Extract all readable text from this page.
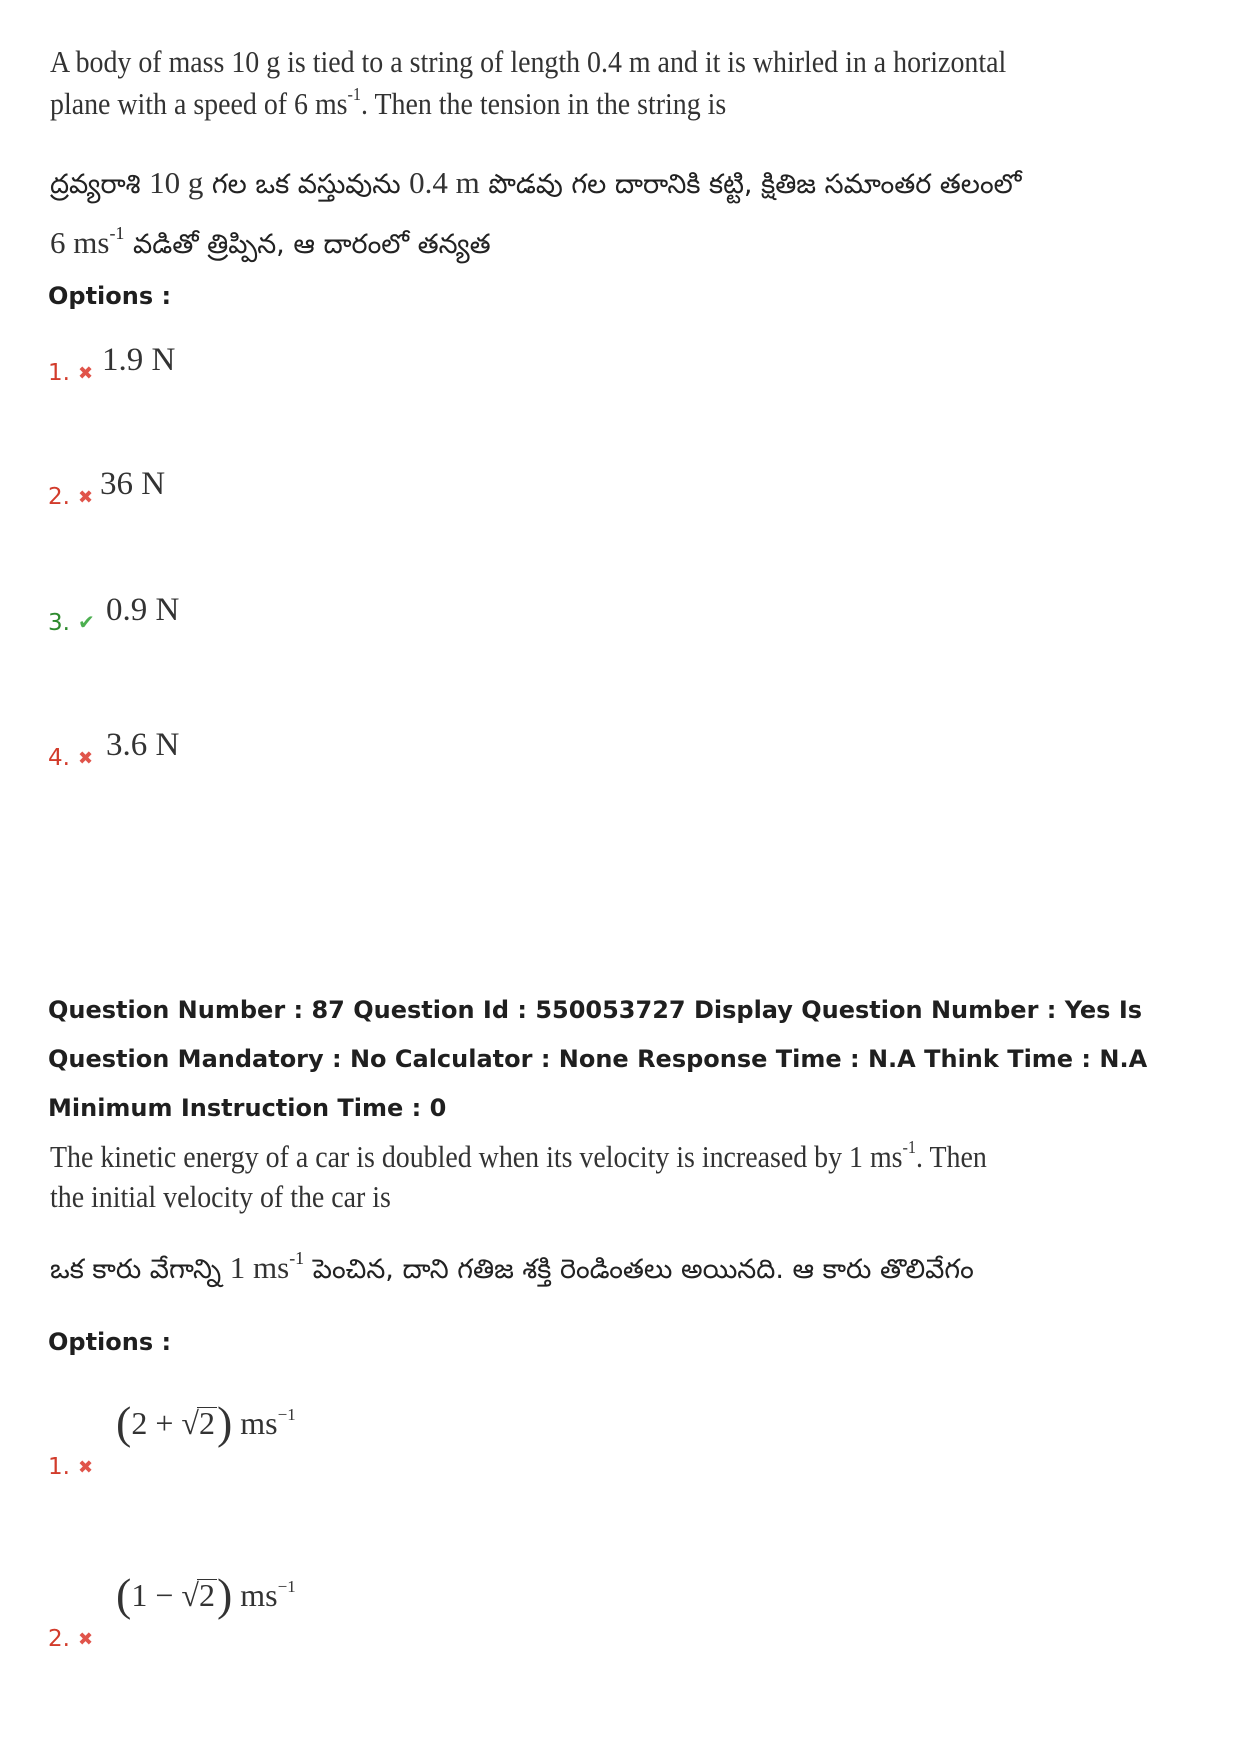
A body of mass 10 g is tied to a string of length 0.4 m and it is whirled in a horizontal
plane with a speed of 6 $ms^{-1}$. Then the tension in the string is
ద్రవ్యరాశి 10 g గల ఒక వస్తువును 0.4 m పొడవు గల దారానికి కట్టి, క్షితిజ సమాంతర తలంలో
6 $ms^{-1}$ వడితో త్రిప్పిన, ఆ దారంలో తన్యత
Options :
1. ✖ 1.9 N
2. ✖ 36 N
3. ✔ 0.9 N
4. ✖ 3.6 N
Question Number : 87 Question Id : 550053727 Display Question Number : Yes Is Question Mandatory : No Calculator : None Response Time : N.A Think Time : N.A Minimum Instruction Time : 0
The kinetic energy of a car is doubled when its velocity is increased by 1 $ms^{-1}$. Then
the initial velocity of the car is
ఒక కారు వేగాన్ని 1 $ms^{-1}$ పెంచిన, దాని గతిజ శక్తి రెండింతలు అయినది. ఆ కారు తొలివేగం
Options :
1. ✖
(2 + √2) $ms^{-1}$
2. ✖
(1 − √2) $ms^{-1}$
